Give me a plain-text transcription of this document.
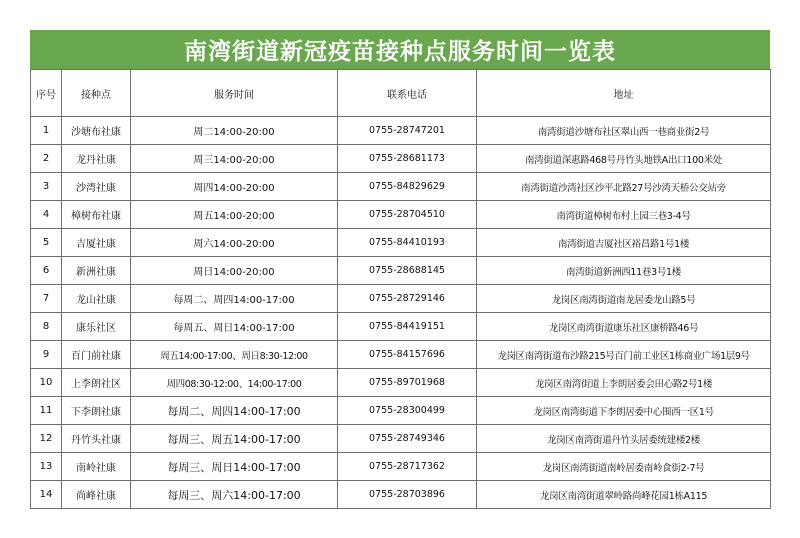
南湾街道新冠疫苗接种点服务时间一览表
序号	接种点	服务时间	联系电话	地址
1	沙塘布社康	周二14:00-20:00	0755-28747201	南湾街道沙塘布社区翠山西一巷商业街2号
2	龙丹社康	周三14:00-20:00	0755-28681173	南湾街道深惠路468号丹竹头地铁A出口100米处
3	沙湾社康	周四14:00-20:00	0755-84829629	南湾街道沙湾社区沙平北路27号沙湾天桥公交站旁
4	樟树布社康	周五14:00-20:00	0755-28704510	南湾街道樟树布村上园三巷3-4号
5	吉厦社康	周六14:00-20:00	0755-84410193	南湾街道吉厦社区裕昌路1号1楼
6	新洲社康	周日14:00-20:00	0755-28688145	南湾街道新洲西11巷3号1楼
7	龙山社康	每周二、周四14:00-17:00	0755-28729146	龙岗区南湾街道南龙居委龙山路5号
8	康乐社区	每周五、周日14:00-17:00	0755-84419151	龙岗区南湾街道康乐社区康桥路46号
9	百门前社康	周五14:00-17:00、周日8:30-12:00	0755-84157696	龙岗区南湾街道布沙路215号百门前工业区1栋商业广场1层9号
10	上李朗社区	周四08:30-12:00、14:00-17:00	0755-89701968	龙岗区南湾街道上李朗居委会田心路2号1楼
11	下李朗社康	每周二、周四14:00-17:00	0755-28300499	龙岗区南湾街道下李朗居委中心围西一区1号
12	丹竹头社康	每周三、周五14:00-17:00	0755-28749346	龙岗区南湾街道丹竹头居委统建楼2楼
13	南岭社康	每周三、周日14:00-17:00	0755-28717362	龙岗区南湾街道南岭居委南岭食街2-7号
14	尚峰社康	每周三、周六14:00-17:00	0755-28703896	龙岗区南湾街道翠岭路尚峰花园1栋A115
